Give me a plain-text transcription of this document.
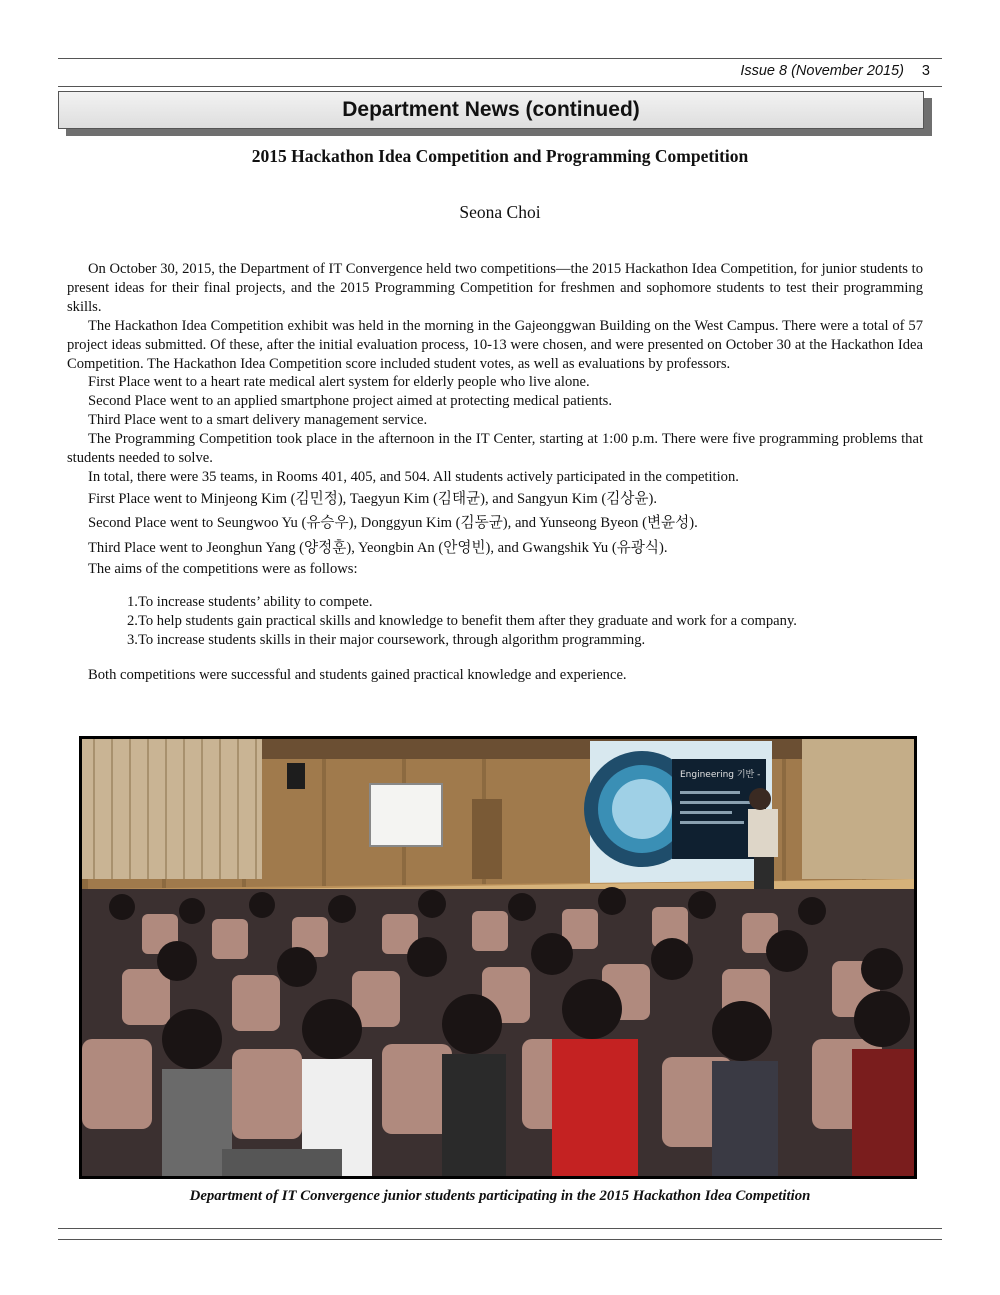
Issue 8 (November 2015) 3
Department News (continued)
2015 Hackathon Idea Competition and Programming Competition
Seona Choi

On October 30, 2015, the Department of IT Convergence held two competitions—the 2015 Hackathon Idea Competition, for junior students to present ideas for their final projects, and the 2015 Programming Competition for freshmen and sophomore students to test their programming skills.

The Hackathon Idea Competition exhibit was held in the morning in the Gajeonggwan Building on the West Campus. There were a total of 57 project ideas submitted. Of these, after the initial evaluation process, 10-13 were chosen, and were presented on October 30 at the Hackathon Idea Competition. The Hackathon Idea Competition score included student votes, as well as evaluations by professors.

First Place went to a heart rate medical alert system for elderly people who live alone.

Second Place went to an applied smartphone project aimed at protecting medical patients.

Third Place went to a smart delivery management service.

The Programming Competition took place in the afternoon in the IT Center, starting at 1:00 p.m. There were five programming problems that students needed to solve.

In total, there were 35 teams, in Rooms 401, 405, and 504. All students actively participated in the competition.

First Place went to Minjeong Kim (김민정), Taegyun Kim (김태균), and Sangyun Kim (김상윤).

Second Place went to Seungwoo Yu (유승우), Donggyun Kim (김동균), and Yunseong Byeon (변윤성).

Third Place went to Jeonghun Yang (양정훈), Yeongbin An (안영빈), and Gwangshik Yu (유광식).

The aims of the competitions were as follows:

1.To increase students’ ability to compete.
2.To help students gain practical skills and knowledge to benefit them after they graduate and work for a company.
3.To increase students skills in their major coursework, through algorithm programming.

Both competitions were successful and students gained practical knowledge and experience.

Engineering 기반 -
Department of IT Convergence junior students participating in the 2015 Hackathon Idea Competition
